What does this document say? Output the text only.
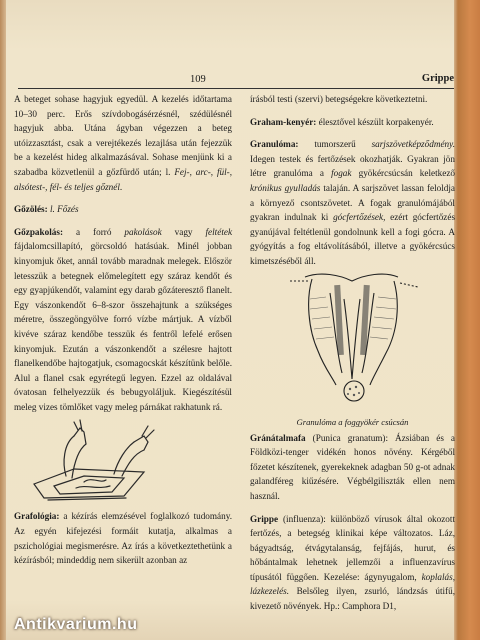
109	Grippe

A beteget sohase hagyjuk egyedül. A kezelés időtartama 10–30 perc. Erős szívdobogásérzésnél, szédülésnél hagyjuk abba. Utána ágyban végezzen a beteg utóizzasztást, csak a verejtékezés lezajlása után fejezzük be a kezelést hideg alkalmazásával. Sohase menjünk ki a szabadba közvetlenül a gőzfürdő után; l. Fej-, arc-, fül-, alsótest-, fél- és teljes gőznél.

Gőzölés: l. Főzés

Gőzpakolás: a forró pakolások vagy feltétek fájdalomcsillapító, görcsoldó hatásúak. Minél jobban kinyomjuk őket, annál tovább maradnak melegek. Először letesszük a betegnek előmelegített egy száraz kendőt és egy gyapjúkendőt, valamint egy darab gőzáteresztő flanelt. Egy vászonkendőt 6–8-szor összehajtunk a szükséges méretre, összegöngyölve forró vízbe mártjuk. A vízből kivéve száraz kendőbe tesszük és fentről lefelé erősen kinyomjuk. Ezután a vászonkendőt a szélesre hajtott flanelkendőbe hajtogatjuk, csomagocskát készítünk belőle. Alul a flanel csak egyrétegű legyen. Ezzel az oldalával óvatosan felhelyezzük és bebugyoláljuk. Kiegészítésül meleg vizes tömlőket vagy meleg párnákat rakhatunk rá.

Grafológia: a kézírás elemzésével foglalkozó tudomány. Az egyén kifejezési formáit kutatja, alkalmas a pszichológiai megismerésre. Az írás a következtethetünk a kézírásból; mindeddig nem sikerült azonban az

írásból testi (szervi) betegségekre következtetni.

Graham-kenyér: élesztővel készült korpakenyér.

Granulóma: tumorszerű sarjszövetképződmény. Idegen testek és fertőzések okozhatják. Gyakran jön létre granulóma a fogak gyökércsúcsán keletkező krónikus gyulladás talaján. A sarjszövet lassan feloldja a környező csontszövetet. A fogak granulómájából gyakran indulnak ki gócfertőzések, ezért gócfertőzés gyanújával feltétlenül gondolnunk kell a fogi gócra. A gyógyítás a fog eltávolításából, illetve a gyökércsúcs kimetszéséből áll.

Granulóma a foggyökér csúcsán

Gránátalmafa (Punica granatum): Ázsiában és a Földközi-tenger vidékén honos növény. Kérgéből főzetet készítenek, gyerekeknek adagban 50 g-ot adnak galandféreg kiűzésére. Végbélgiliszták ellen nem használ.

Grippe (influenza): különböző vírusok által okozott fertőzés, a betegség klinikai képe változatos. Láz, bágyadtság, étvágytalanság, fejfájás, hurut, és hőbántalmak lehetnek jellemzői a influenzavírus típusától függően. Kezelése: ágynyugalom, koplalás, lázkezelés. Belsőleg ilyen, zsurló, lándzsás útifű, kivezető növények. Hp.: Camphora D1,

Antikvarium.hu
